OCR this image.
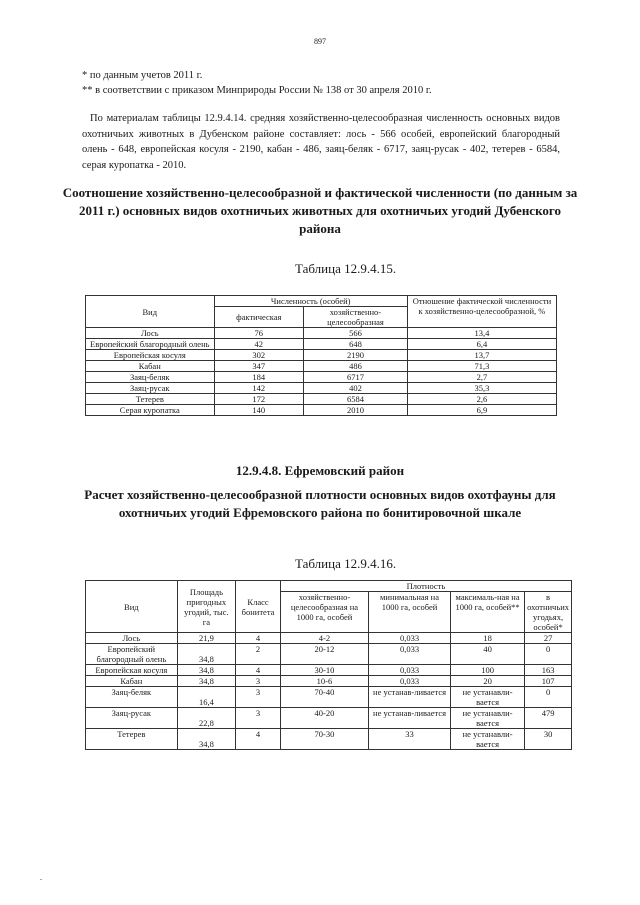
897
* по данным учетов 2011 г.
** в соответствии с приказом Минприроды России № 138 от 30 апреля 2010 г.
По материалам таблицы 12.9.4.14. средняя хозяйственно-целесообразная численность основных видов охотничьих животных в Дубенском районе составляет: лось - 566 особей, европейский благородный олень - 648, европейская косуля - 2190, кабан - 486, заяц-беляк - 6717, заяц-русак - 402, тетерев - 6584, серая куропатка - 2010.
Соотношение хозяйственно-целесообразной и фактической численности (по данным за 2011 г.) основных видов охотничьих животных для охотничьих угодий Дубенского района
Таблица 12.9.4.15.
Вид	Численность (особей)		Отношение фактической численности к хозяйственно-целесообразной, %
	фактическая	хозяйственно-целесообразная	
Лось	76	566	13,4
Европейский благородный олень	42	648	6,4
Европейская косуля	302	2190	13,7
Кабан	347	486	71,3
Заяц-беляк	184	6717	2,7
Заяц-русак	142	402	35,3
Тетерев	172	6584	2,6
Серая куропатка	140	2010	6,9
12.9.4.8. Ефремовский район
Расчет хозяйственно-целесообразной плотности основных видов охотфауны для охотничьих угодий Ефремовского района по бонитировочной шкале
Таблица 12.9.4.16.
Вид	Площадь пригодных угодий, тыс. га	Класс бонитета	Плотность			
			хозяйственно-целесообразная на 1000 га, особей	минимальная на 1000 га, особей	максималь-ная на 1000 га, особей**	в охотничьих угодьях, особей*
Лось	21,9	4	4-2	0,033	18	27
Европейский благородный олень	34,8	2	20-12	0,033	40	0
Европейская косуля	34,8	4	30-10	0,033	100	163
Кабан	34,8	3	10-6	0,033	20	107
Заяц-беляк	16,4	3	70-40	не устанав-ливается	не устанавли-вается	0
Заяц-русак	22,8	3	40-20	не устанав-ливается	не устанавли-вается	479
Тетерев	34,8	4	70-30	33	не устанавли-вается	30
.
